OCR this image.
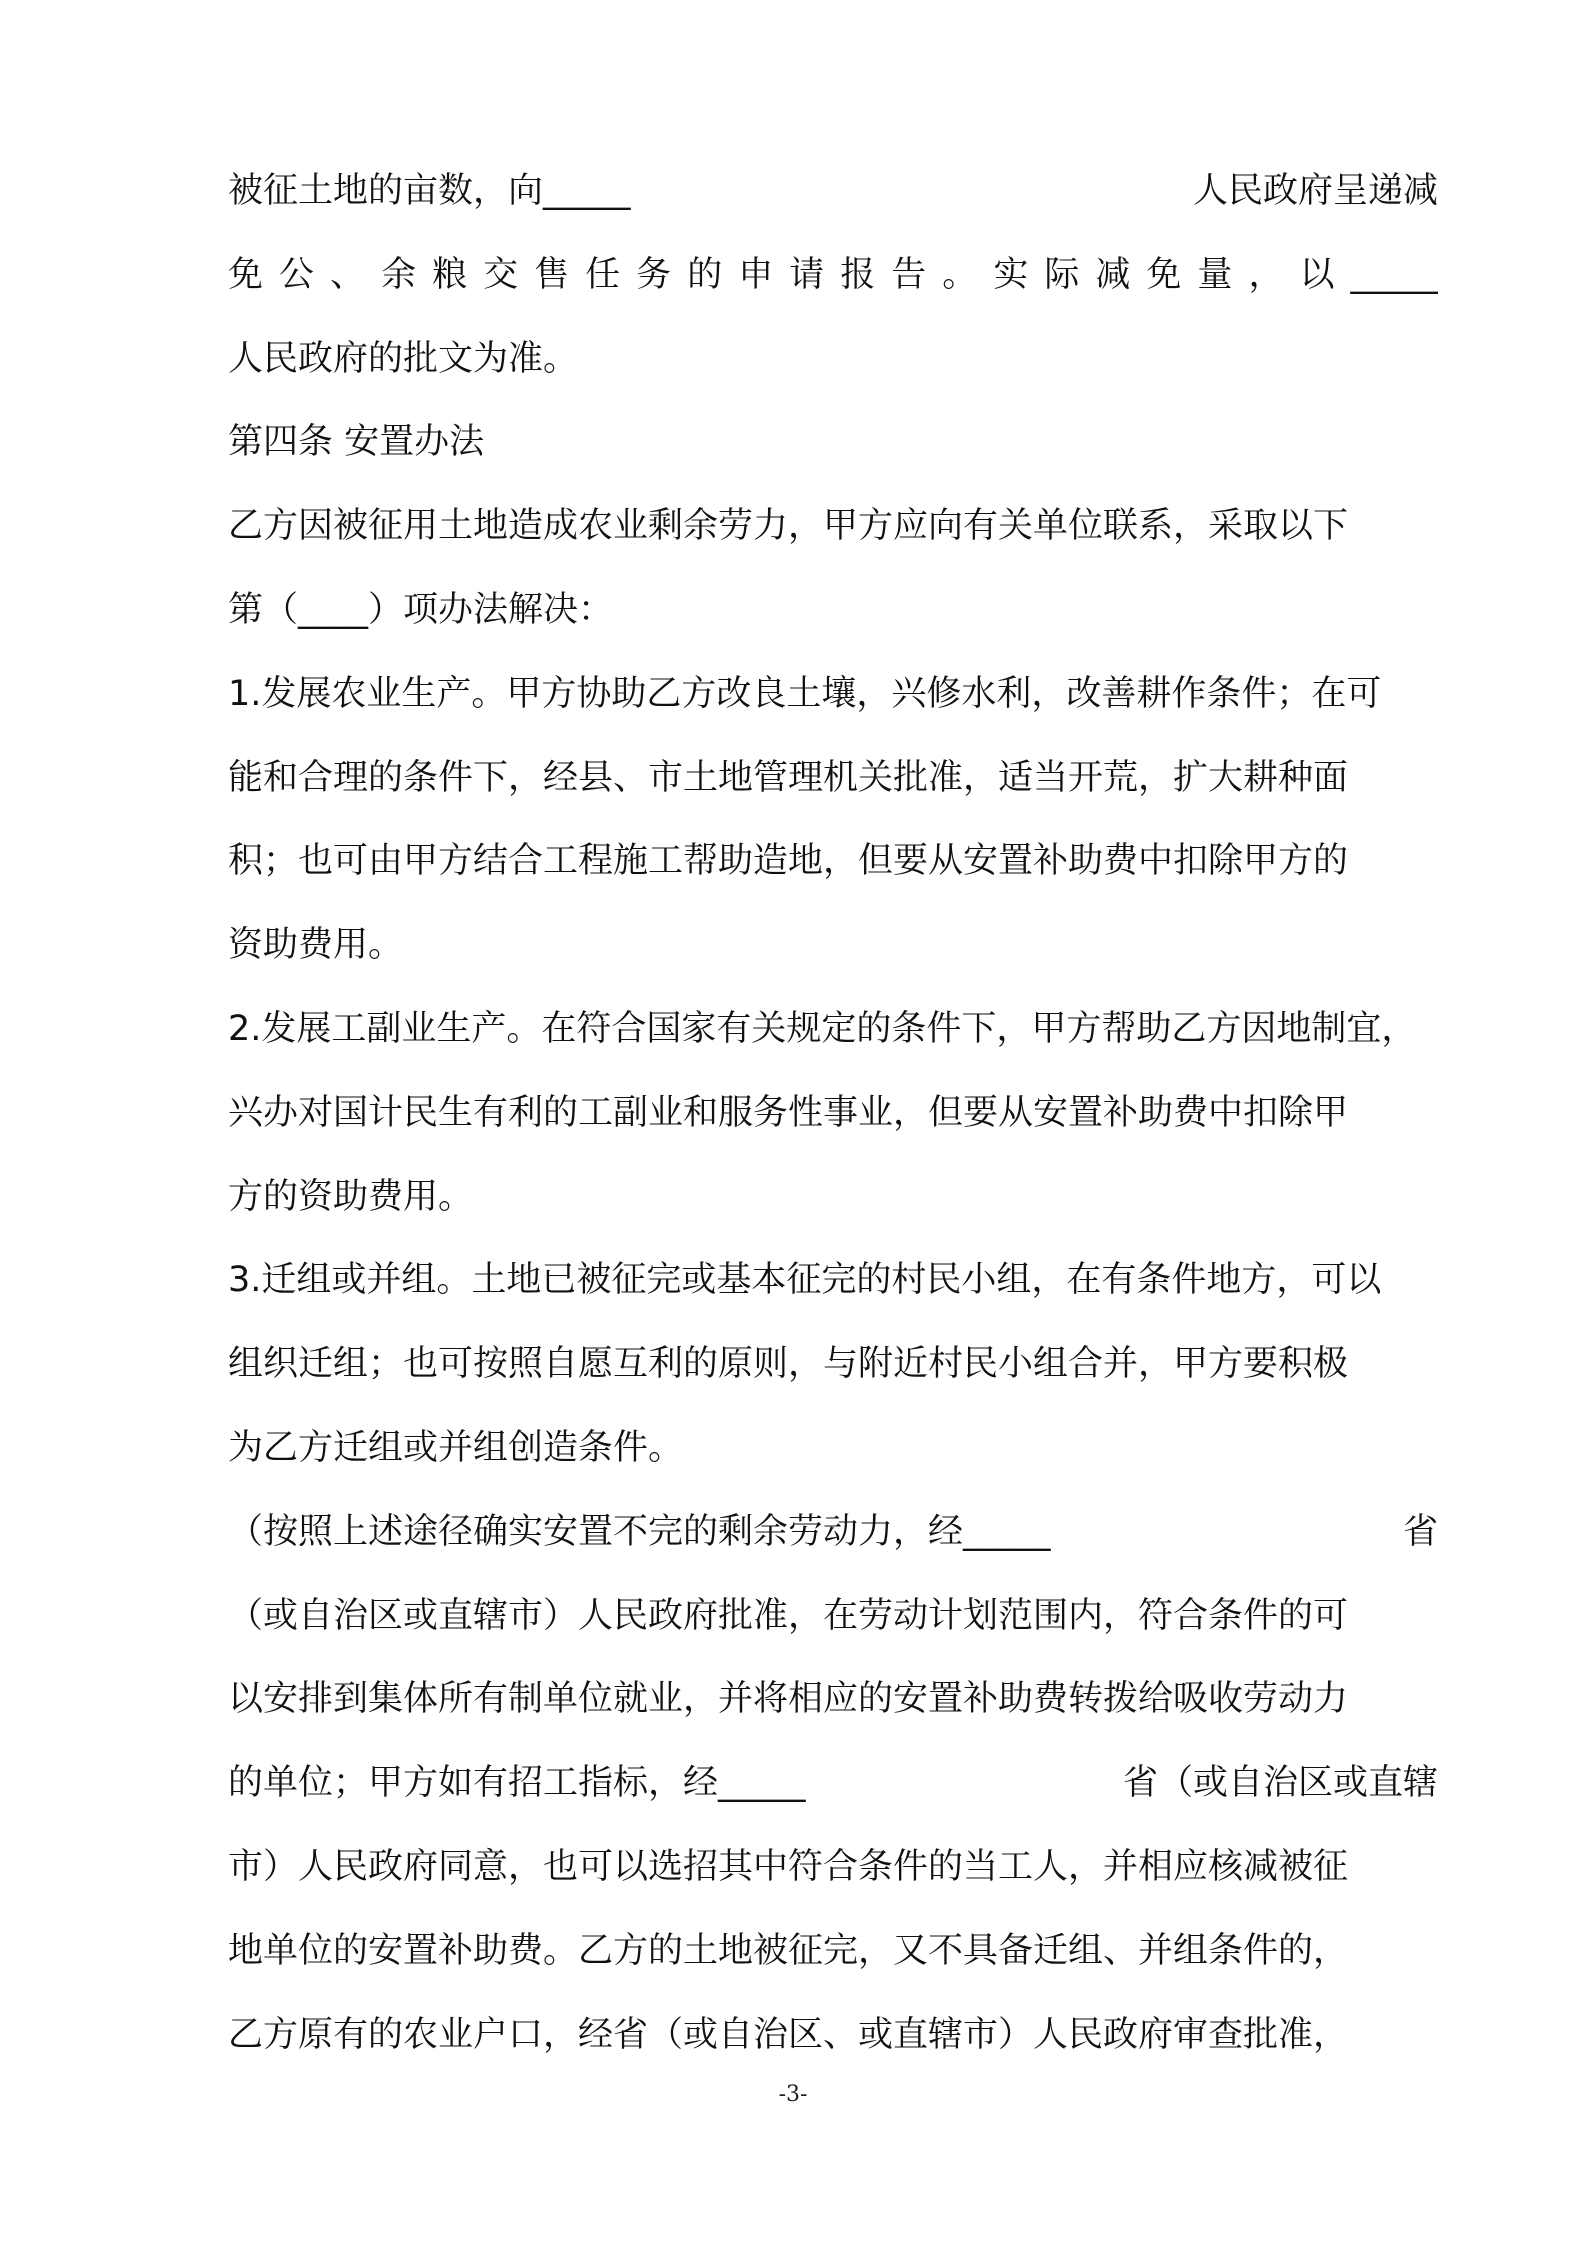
被征土地的亩数，向_____	人民政府呈递减
免公、余粮交售任务的申请报告。实际减免量，以_____
人民政府的批文为准。
第四条 安置办法
乙方因被征用土地造成农业剩余劳力，甲方应向有关单位联系，采取以下
第（____）项办法解决：
1.发展农业生产。甲方协助乙方改良土壤，兴修水利，改善耕作条件；在可
能和合理的条件下，经县、市土地管理机关批准，适当开荒，扩大耕种面
积；也可由甲方结合工程施工帮助造地，但要从安置补助费中扣除甲方的
资助费用。
2.发展工副业生产。在符合国家有关规定的条件下，甲方帮助乙方因地制宜，
兴办对国计民生有利的工副业和服务性事业，但要从安置补助费中扣除甲
方的资助费用。
3.迁组或并组。土地已被征完或基本征完的村民小组，在有条件地方，可以
组织迁组；也可按照自愿互利的原则，与附近村民小组合并，甲方要积极
为乙方迁组或并组创造条件。
（按照上述途径确实安置不完的剩余劳动力，经_____	省
（或自治区或直辖市）人民政府批准，在劳动计划范围内，符合条件的可
以安排到集体所有制单位就业，并将相应的安置补助费转拨给吸收劳动力
的单位；甲方如有招工指标，经_____	省（或自治区或直辖
市）人民政府同意，也可以选招其中符合条件的当工人，并相应核减被征
地单位的安置补助费。乙方的土地被征完，又不具备迁组、并组条件的，
乙方原有的农业户口，经省（或自治区、或直辖市）人民政府审查批准，
-3-
